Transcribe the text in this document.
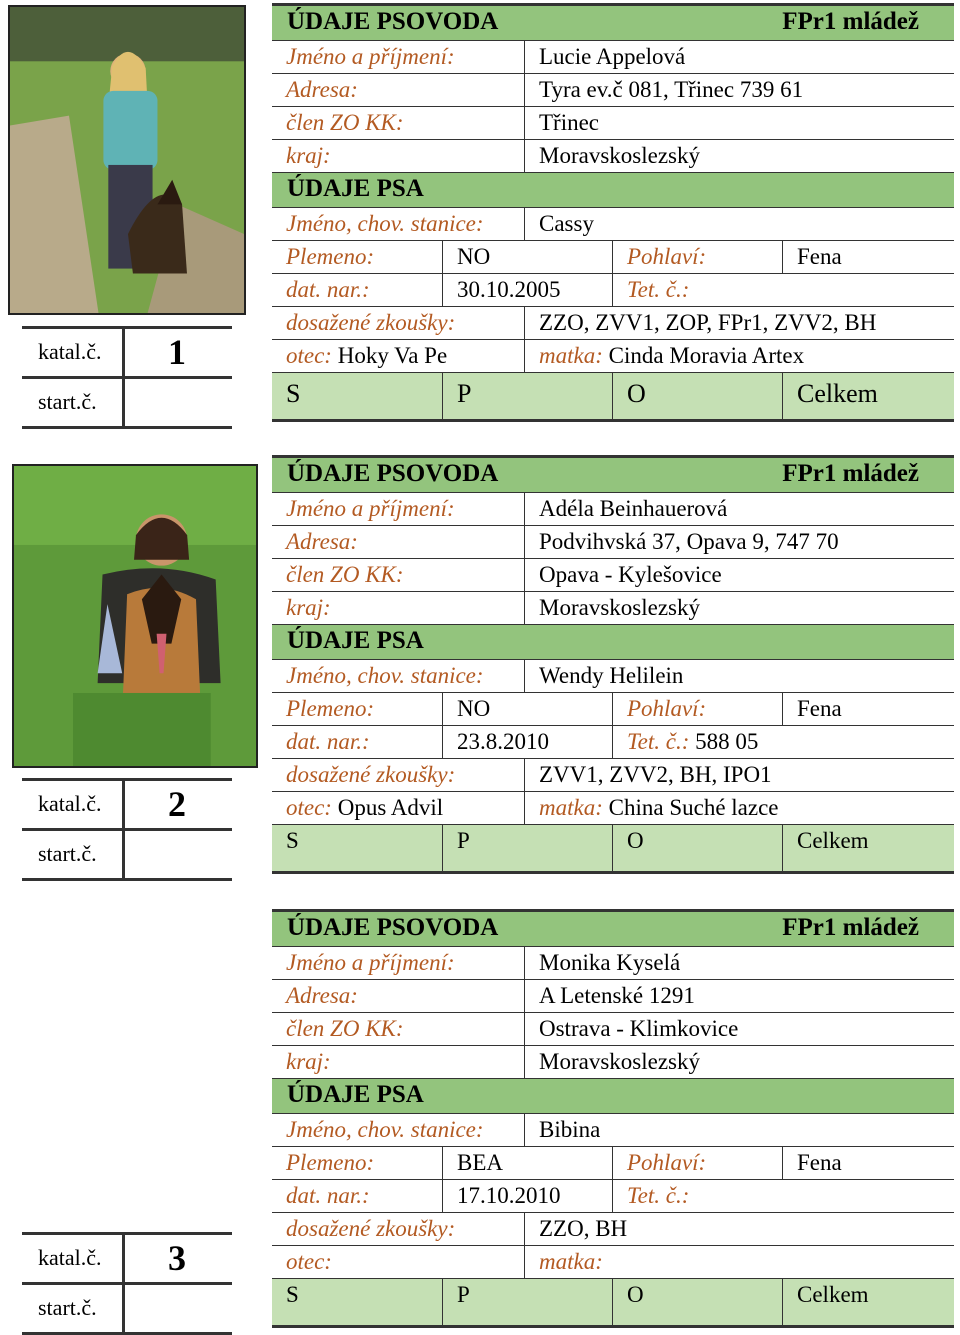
katal.č.	1
start.č.
ÚDAJE PSOVODA	FPr1 mládež
Jméno a příjmení:	Lucie Appelová
Adresa:	Tyra ev.č 081, Třinec 739 61
člen ZO KK:	Třinec
kraj:	Moravskoslezský
ÚDAJE PSA
Jméno, chov. stanice:	Cassy
Plemeno:	NO	Pohlaví:	Fena
dat. nar.:	30.10.2005	Tet. č.:
dosažené zkoušky:	ZZO, ZVV1, ZOP, FPr1, ZVV2, BH
otec: Hoky Va Pe	matka: Cinda Moravia Artex
S	P	O	Celkem
katal.č.	2
start.č.
ÚDAJE PSOVODA	FPr1 mládež
Jméno a příjmení:	Adéla Beinhauerová
Adresa:	Podvihvská 37, Opava 9, 747 70
člen ZO KK:	Opava - Kylešovice
kraj:	Moravskoslezský
ÚDAJE PSA
Jméno, chov. stanice:	Wendy Helilein
Plemeno:	NO	Pohlaví:	Fena
dat. nar.:	23.8.2010	Tet. č.: 588 05
dosažené zkoušky:	ZVV1, ZVV2, BH, IPO1
otec: Opus Advil	matka: China Suché lazce
S	P	O	Celkem
katal.č.	3
start.č.
ÚDAJE PSOVODA	FPr1 mládež
Jméno a příjmení:	Monika Kyselá
Adresa:	A Letenské 1291
člen ZO KK:	Ostrava - Klimkovice
kraj:	Moravskoslezský
ÚDAJE PSA
Jméno, chov. stanice:	Bibina
Plemeno:	BEA	Pohlaví:	Fena
dat. nar.:	17.10.2010	Tet. č.:
dosažené zkoušky:	ZZO, BH
otec:	matka:
S	P	O	Celkem
